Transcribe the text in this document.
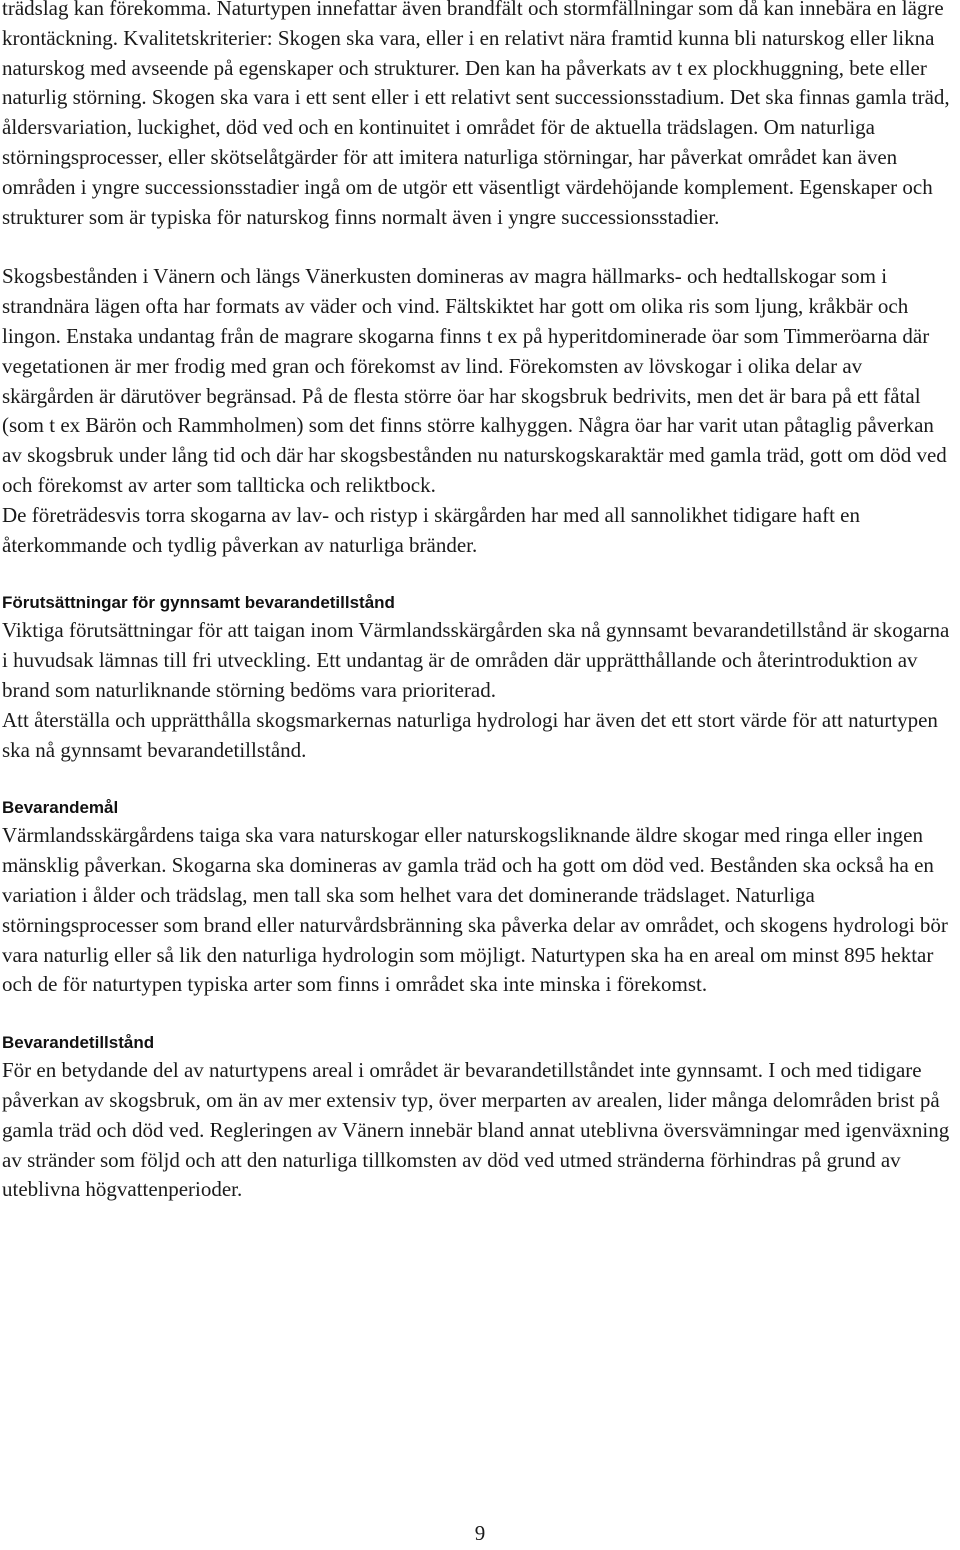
trädslag kan förekomma. Naturtypen innefattar även brandfält och stormfällningar som då kan innebära en lägre krontäckning. Kvalitetskriterier: Skogen ska vara, eller i en relativt nära framtid kunna bli naturskog eller likna naturskog med avseende på egenskaper och strukturer. Den kan ha påverkats av t ex plockhuggning, bete eller naturlig störning. Skogen ska vara i ett sent eller i ett relativt sent successionsstadium. Det ska finnas gamla träd, åldersvariation, luckighet, död ved och en kontinuitet i området för de aktuella trädslagen. Om naturliga störningsprocesser, eller skötselåtgärder för att imitera naturliga störningar, har påverkat området kan även områden i yngre successionsstadier ingå om de utgör ett väsentligt värdehöjande komplement. Egenskaper och strukturer som är typiska för naturskog finns normalt även i yngre successionsstadier.

Skogsbestånden i Vänern och längs Vänerkusten domineras av magra hällmarks- och hedtallskogar som i strandnära lägen ofta har formats av väder och vind. Fältskiktet har gott om olika ris som ljung, kråkbär och lingon. Enstaka undantag från de magrare skogarna finns t ex på hyperitdominerade öar som Timmeröarna där vegetationen är mer frodig med gran och förekomst av lind. Förekomsten av lövskogar i olika delar av skärgården är därutöver begränsad. På de flesta större öar har skogsbruk bedrivits, men det är bara på ett fåtal (som t ex Bärön och Rammholmen) som det finns större kalhyggen. Några öar har varit utan påtaglig påverkan av skogsbruk under lång tid och där har skogsbestånden nu naturskogskaraktär med gamla träd, gott om död ved och förekomst av arter som tallticka och reliktbock.

De företrädesvis torra skogarna av lav- och ristyp i skärgården har med all sannolikhet tidigare haft en återkommande och tydlig påverkan av naturliga bränder.

Förutsättningar för gynnsamt bevarandetillstånd

Viktiga förutsättningar för att taigan inom Värmlandsskärgården ska nå gynnsamt bevarandetillstånd är skogarna i huvudsak lämnas till fri utveckling. Ett undantag är de områden där upprätthållande och återintroduktion av brand som naturliknande störning bedöms vara prioriterad.

Att återställa och upprätthålla skogsmarkernas naturliga hydrologi har även det ett stort värde för att naturtypen ska nå gynnsamt bevarandetillstånd.

Bevarandemål

Värmlandsskärgårdens taiga ska vara naturskogar eller naturskogsliknande äldre skogar med ringa eller ingen mänsklig påverkan. Skogarna ska domineras av gamla träd och ha gott om död ved. Bestånden ska också ha en variation i ålder och trädslag, men tall ska som helhet vara det dominerande trädslaget. Naturliga störningsprocesser som brand eller naturvårdsbränning ska påverka delar av området, och skogens hydrologi bör vara naturlig eller så lik den naturliga hydrologin som möjligt. Naturtypen ska ha en areal om minst 895 hektar och de för naturtypen typiska arter som finns i området ska inte minska i förekomst.

Bevarandetillstånd

För en betydande del av naturtypens areal i området är bevarandetillståndet inte gynnsamt. I och med tidigare påverkan av skogsbruk, om än av mer extensiv typ, över merparten av arealen, lider många delområden brist på gamla träd och död ved. Regleringen av Vänern innebär bland annat uteblivna översvämningar med igenväxning av stränder som följd och att den naturliga tillkomsten av död ved utmed stränderna förhindras på grund av uteblivna högvattenperioder.

9
